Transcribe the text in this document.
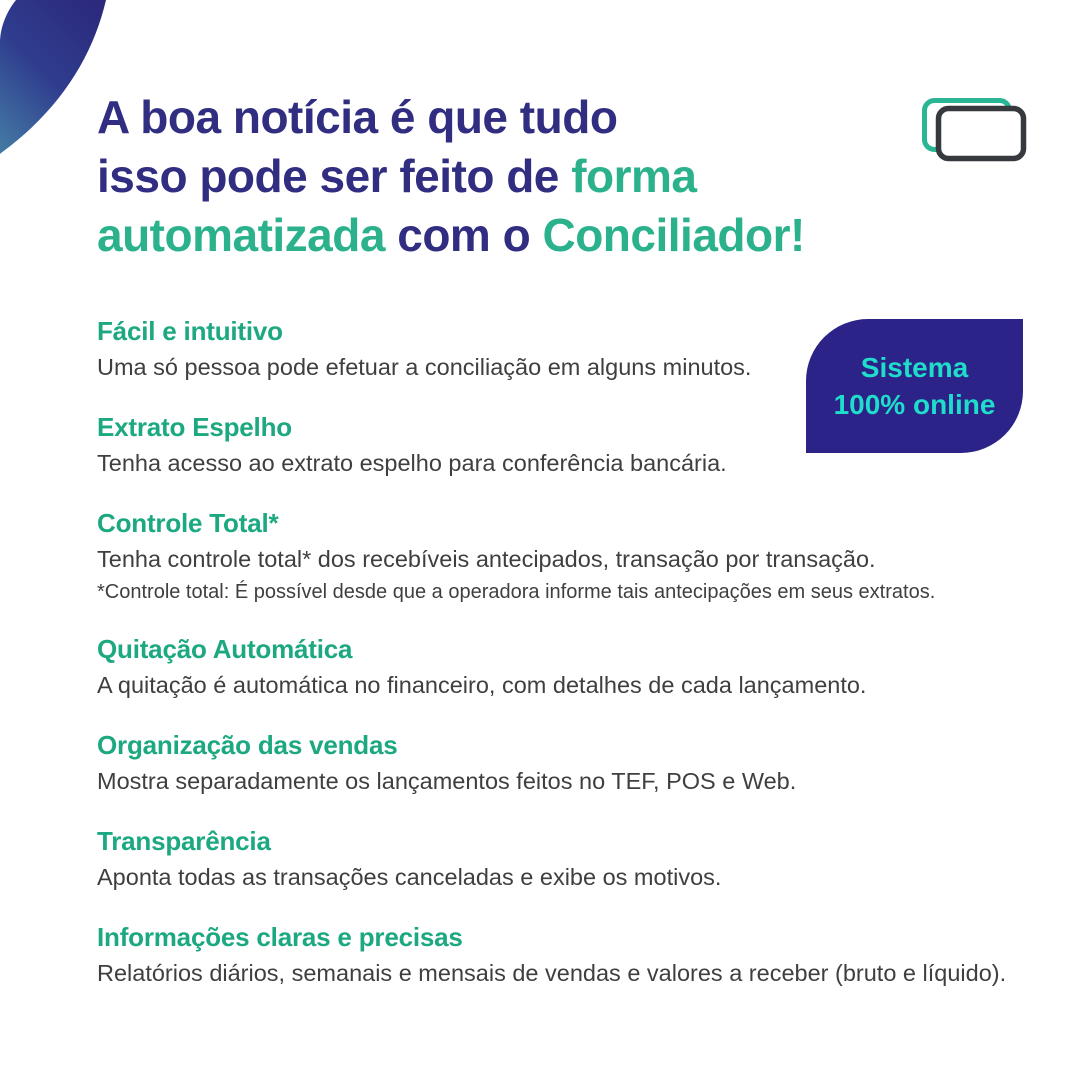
A boa notícia é que tudo
isso pode ser feito de forma
automatizada com o Conciliador!
Sistema
100% online
Fácil e intuitivo

Uma só pessoa pode efetuar a conciliação em alguns minutos.

Extrato Espelho

Tenha acesso ao extrato espelho para conferência bancária.

Controle Total*

Tenha controle total* dos recebíveis antecipados, transação por transação.

*Controle total: É possível desde que a operadora informe tais antecipações em seus extratos.

Quitação Automática

A quitação é automática no financeiro, com detalhes de cada lançamento.

Organização das vendas

Mostra separadamente os lançamentos feitos no TEF, POS e Web.

Transparência

Aponta todas as transações canceladas e exibe os motivos.

Informações claras e precisas

Relatórios diários, semanais e mensais de vendas e valores a receber (bruto e líquido).
